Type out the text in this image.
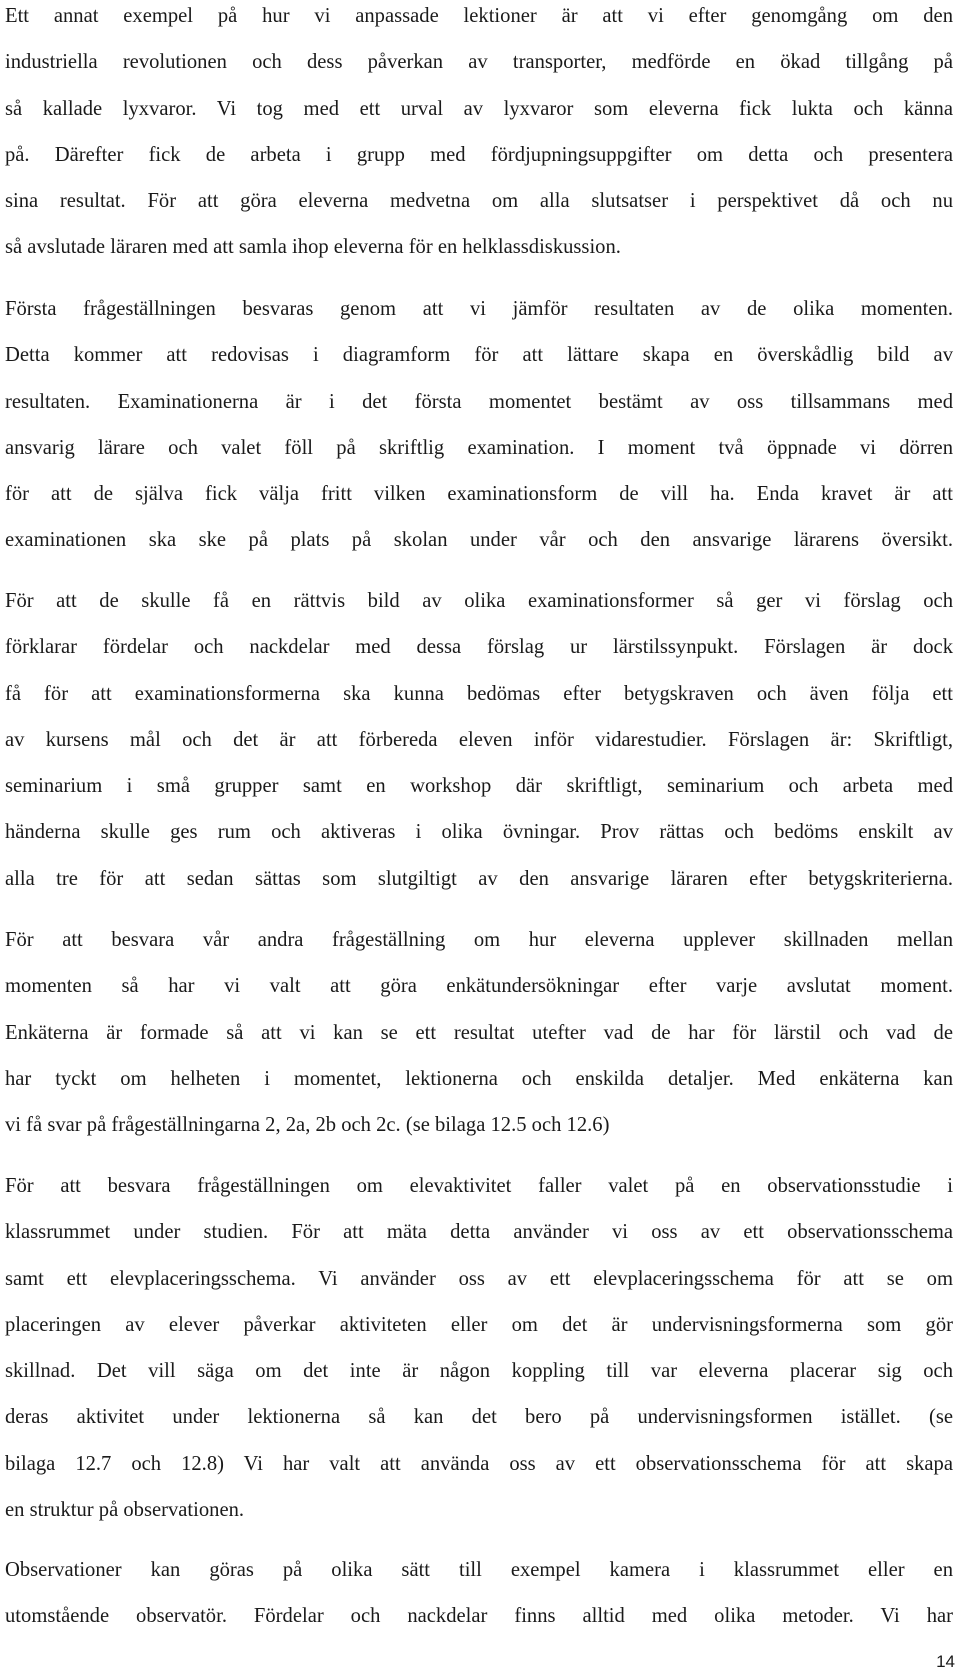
Ett annat exempel på hur vi anpassade lektioner är att vi efter genomgång om den
industriella revolutionen och dess påverkan av transporter, medförde en ökad tillgång på
så kallade lyxvaror. Vi tog med ett urval av lyxvaror som eleverna fick lukta och känna
på. Därefter fick de arbeta i grupp med fördjupningsuppgifter om detta och presentera
sina resultat. För att göra eleverna medvetna om alla slutsatser i perspektivet då och nu
så avslutade läraren med att samla ihop eleverna för en helklassdiskussion.

Första frågeställningen besvaras genom att vi jämför resultaten av de olika momenten.
Detta kommer att redovisas i diagramform för att lättare skapa en överskådlig bild av
resultaten. Examinationerna är i det första momentet bestämt av oss tillsammans med
ansvarig lärare och valet föll på skriftlig examination. I moment två öppnade vi dörren
för att de själva fick välja fritt vilken examinationsform de vill ha. Enda kravet är att
examinationen ska ske på plats på skolan under vår och den ansvarige lärarens översikt.

För att de skulle få en rättvis bild av olika examinationsformer så ger vi förslag och
förklarar fördelar och nackdelar med dessa förslag ur lärstilssynpukt. Förslagen är dock
få för att examinationsformerna ska kunna bedömas efter betygskraven och även följa ett
av kursens mål och det är att förbereda eleven inför vidarestudier. Förslagen är: Skriftligt,
seminarium i små grupper samt en workshop där skriftligt, seminarium och arbeta med
händerna skulle ges rum och aktiveras i olika övningar. Prov rättas och bedöms enskilt av
alla tre för att sedan sättas som slutgiltigt av den ansvarige läraren efter betygskriterierna.

För att besvara vår andra frågeställning om hur eleverna upplever skillnaden mellan
momenten så har vi valt att göra enkätundersökningar efter varje avslutat moment.
Enkäterna är formade så att vi kan se ett resultat utefter vad de har för lärstil och vad de
har tyckt om helheten i momentet, lektionerna och enskilda detaljer. Med enkäterna kan
vi få svar på frågeställningarna 2, 2a, 2b och 2c. (se bilaga 12.5 och 12.6)

För att besvara frågeställningen om elevaktivitet faller valet på en observationsstudie i
klassrummet under studien. För att mäta detta använder vi oss av ett observationsschema
samt ett elevplaceringsschema. Vi använder oss av ett elevplaceringsschema för att se om
placeringen av elever påverkar aktiviteten eller om det är undervisningsformerna som gör
skillnad. Det vill säga om det inte är någon koppling till var eleverna placerar sig och
deras aktivitet under lektionerna så kan det bero på undervisningsformen istället. (se
bilaga 12.7 och 12.8) Vi har valt att använda oss av ett observationsschema för att skapa
en struktur på observationen.

Observationer kan göras på olika sätt till exempel kamera i klassrummet eller en
utomstående observatör. Fördelar och nackdelar finns alltid med olika metoder. Vi har

14
